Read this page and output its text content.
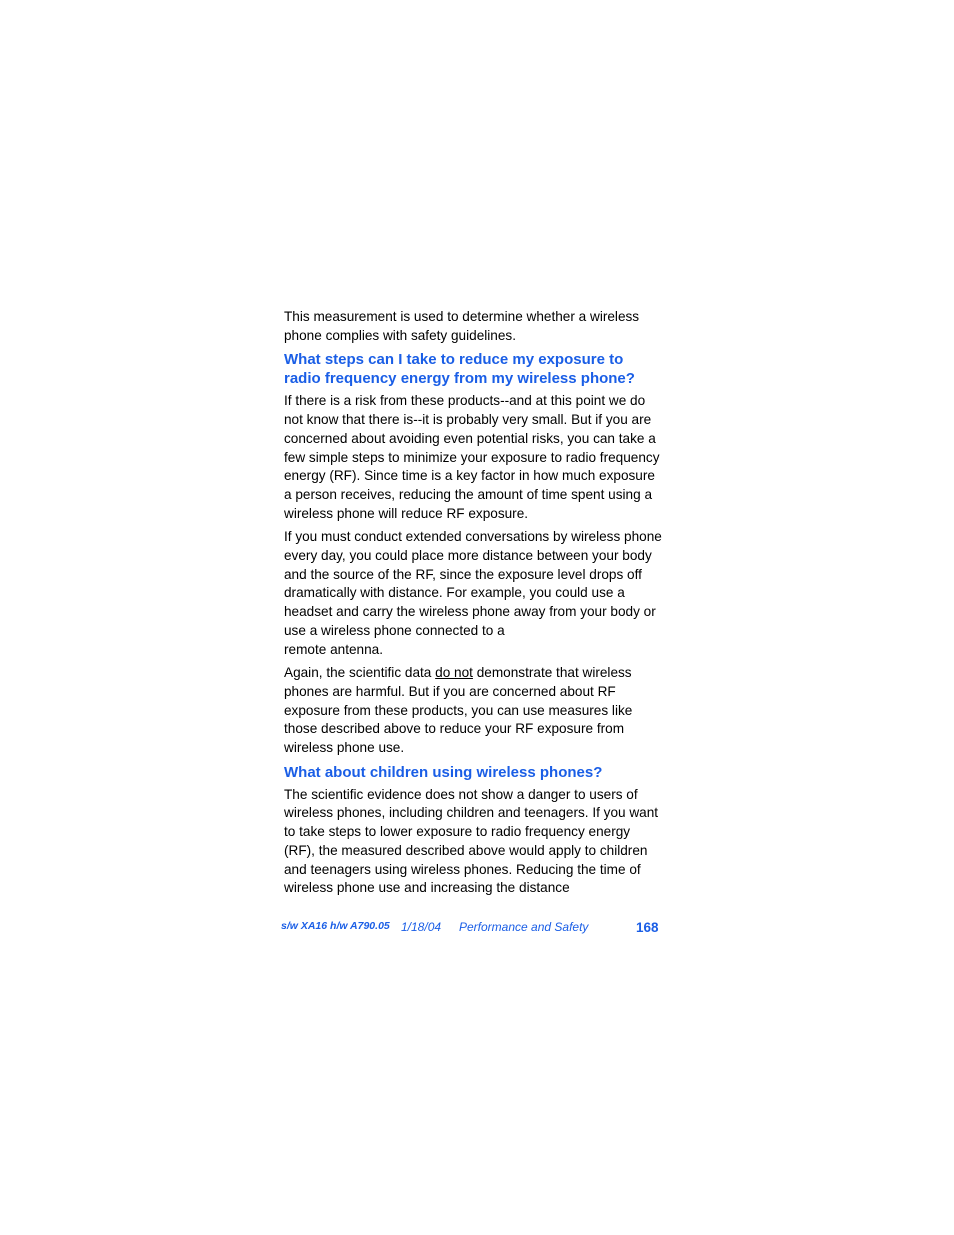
This measurement is used to determine whether a wireless phone complies with safety guidelines.

What steps can I take to reduce my exposure to
radio frequency energy from my wireless phone?

If there is a risk from these products--and at this point we do not know that there is--it is probably very small. But if you are concerned about avoiding even potential risks, you can take a few simple steps to minimize your exposure to radio frequency energy (RF). Since time is a key factor in how much exposure a person receives, reducing the amount of time spent using a wireless phone will reduce RF exposure.

If you must conduct extended conversations by wireless phone every day, you could place more distance between your body and the source of the RF, since the exposure level drops off dramatically with distance. For example, you could use a headset and carry the wireless phone away from your body or use a wireless phone connected to a
remote antenna.

Again, the scientific data do not demonstrate that wireless phones are harmful. But if you are concerned about RF exposure from these products, you can use measures like those described above to reduce your RF exposure from wireless phone use.

What about children using wireless phones?

The scientific evidence does not show a danger to users of wireless phones, including children and teenagers. If you want to take steps to lower exposure to radio frequency energy (RF), the measured described above would apply to children and teenagers using wireless phones. Reducing the time of wireless phone use and increasing the distance

s/w XA16 h/w A790.05 1/18/04 Performance and Safety	168
